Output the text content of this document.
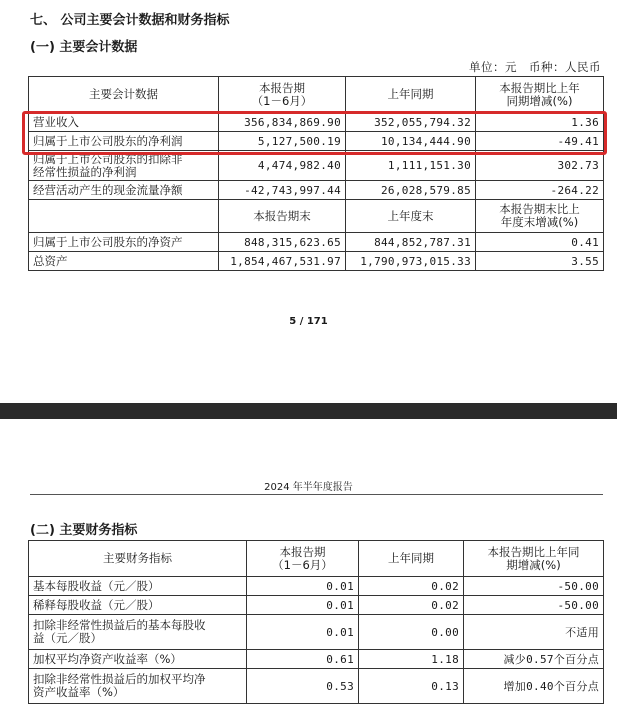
七、 公司主要会计数据和财务指标
(一) 主要会计数据
单位：元　币种：人民币
主要会计数据	本报告期
（1－6月）	上年同期	本报告期比上年
同期增减(%)
营业收入	356,834,869.90	352,055,794.32	1.36
归属于上市公司股东的净利润	5,127,500.19	10,134,444.90	-49.41
归属于上市公司股东的扣除非
经常性损益的净利润	4,474,982.40	1,111,151.30	302.73
经营活动产生的现金流量净额	-42,743,997.44	26,028,579.85	-264.22
	本报告期末	上年度末	本报告期末比上
年度末增减(%)
归属于上市公司股东的净资产	848,315,623.65	844,852,787.31	0.41
总资产	1,854,467,531.97	1,790,973,015.33	3.55
5 / 171
2024 年半年度报告
(二) 主要财务指标
主要财务指标	本报告期
（1－6月）	上年同期	本报告期比上年同
期增减(%)
基本每股收益（元／股）	0.01	0.02	-50.00
稀释每股收益（元／股）	0.01	0.02	-50.00
扣除非经常性损益后的基本每股收
益（元／股）	0.01	0.00	不适用
加权平均净资产收益率（%）	0.61	1.18	减少0.57个百分点
扣除非经常性损益后的加权平均净
资产收益率（%）	0.53	0.13	增加0.40个百分点
